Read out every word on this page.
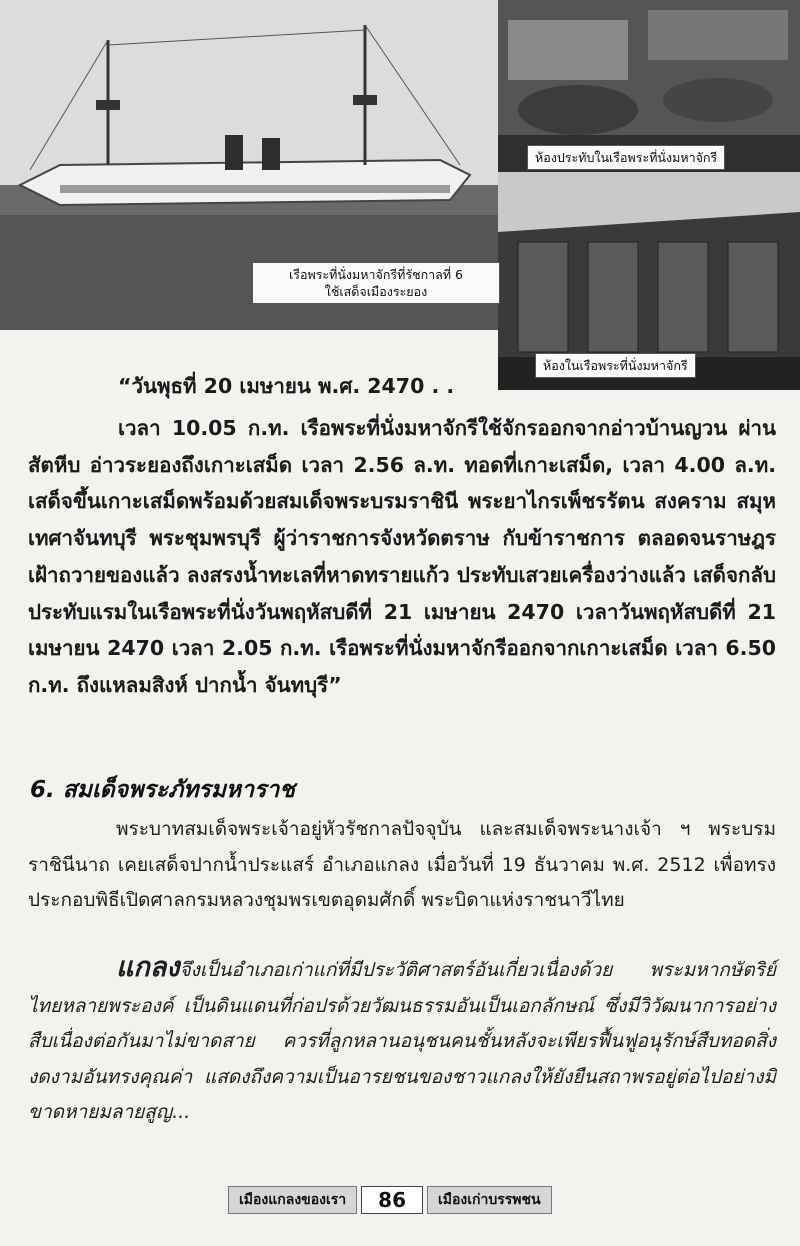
เรือพระที่นั่งมหาจักรีที่รัชกาลที่ 6
ใช้เสด็จเมืองระยอง
ห้องประทับในเรือพระที่นั่งมหาจักรี
ห้องในเรือพระที่นั่งมหาจักรี
“วันพุธที่ 20 เมษายน พ.ศ. 2470 . .
เวลา 10.05 ก.ท. เรือพระที่นั่งมหาจักรีใช้จักรออกจากอ่าวบ้านญวน ผ่านสัตหีบ อ่าวระยองถึงเกาะเสม็ด เวลา 2.56 ล.ท. ทอดที่เกาะเสม็ด, เวลา 4.00 ล.ท. เสด็จขึ้นเกาะเสม็ดพร้อมด้วยสมเด็จพระบรมราชินี พระยาไกรเพ็ชรรัตน สงคราม สมุหเทศาจันทบุรี พระชุมพรบุรี ผู้ว่าราชการจังหวัดตราษ กับข้าราชการ ตลอดจนราษฎรเฝ้าถวายของแล้ว ลงสรงน้ำทะเลที่หาดทรายแก้ว ประทับเสวยเครื่องว่างแล้ว เสด็จกลับประทับแรมในเรือพระที่นั่งวันพฤหัสบดีที่ 21 เมษายน 2470 เวลาวันพฤหัสบดีที่ 21 เมษายน 2470 เวลา 2.05 ก.ท. เรือพระที่นั่งมหาจักรีออกจากเกาะเสม็ด เวลา 6.50 ก.ท. ถึงแหลมสิงห์ ปากน้ำ จันทบุรี”
6. สมเด็จพระภัทรมหาราช
พระบาทสมเด็จพระเจ้าอยู่หัวรัชกาลปัจจุบัน และสมเด็จพระนางเจ้า ฯ พระบรมราชินีนาถ เคยเสด็จปากน้ำประแสร์ อำเภอแกลง เมื่อวันที่ 19 ธันวาคม พ.ศ. 2512 เพื่อทรงประกอบพิธีเปิดศาลกรมหลวงชุมพรเขตอุดมศักดิ์ พระบิดาแห่งราชนาวีไทย
แกลงจึงเป็นอำเภอเก่าแก่ที่มีประวัติศาสตร์อันเกี่ยวเนื่องด้วย พระมหากษัตริย์ไทยหลายพระองค์ เป็นดินแดนที่ก่อปรด้วยวัฒนธรรมอันเป็นเอกลักษณ์ ซึ่งมีวิวัฒนาการอย่างสืบเนื่องต่อกันมาไม่ขาดสาย ควรที่ลูกหลานอนุชนคนชั้นหลังจะเพียรฟื้นฟูอนุรักษ์สืบทอดสิ่งงดงามอันทรงคุณค่า แสดงถึงความเป็นอารยชนของชาวแกลงให้ยังยืนสถาพรอยู่ต่อไปอย่างมิขาดหายมลายสูญ...
เมืองแกลงของเรา	86	เมืองเก่าบรรพชน
